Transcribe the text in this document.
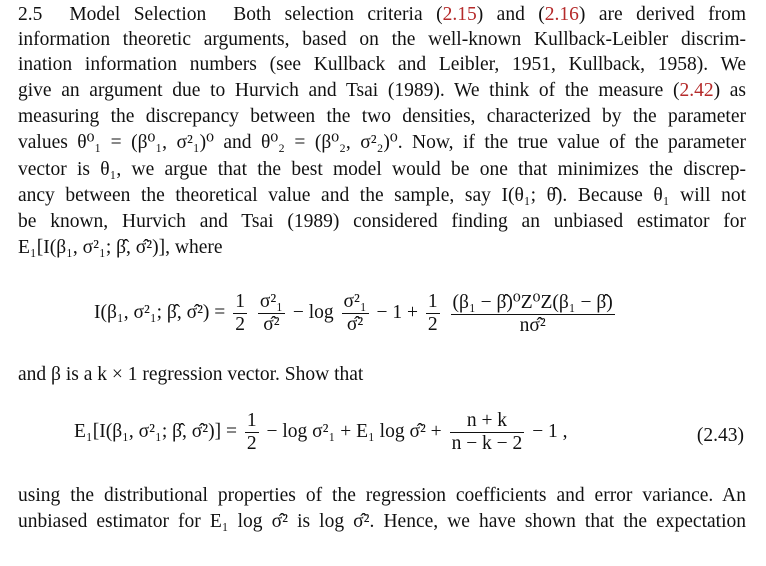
2.5 Model Selection Both selection criteria (2.15) and (2.16) are derived from
information theoretic arguments, based on the well-known Kullback-Leibler discrim-
ination information numbers (see Kullback and Leibler, 1951, Kullback, 1958). We
give an argument due to Hurvich and Tsai (1989). We think of the measure (2.42) as
measuring the discrepancy between the two densities, characterized by the parameter
values θ⁰₁ = (β⁰₁, σ²₁)⁰ and θ⁰₂ = (β⁰₂, σ²₂)⁰. Now, if the true value of the parameter
vector is θ₁, we argue that the best model would be one that minimizes the discrep-
ancy between the theoretical value and the sample, say I(θ₁; θ̂). Because θ₁ will not
be known, Hurvich and Tsai (1989) considered finding an unbiased estimator for
E₁[I(β₁, σ²₁; β̂, σ̂²)], where
I(β₁, σ²₁; β̂, σ̂²) = $\frac{1}{2}$
$\frac{\text{σ²₁}}{\text{σ̂²}} - \log \frac{\text{σ²₁}}{\text{σ̂²}} - 1 + \frac{1}{2}$
$\frac{\text{(β₁ − β̂)⁰Z⁰Z(β₁ − β̂)}}{\text{nσ̂²}}$
and β is a k × 1 regression vector. Show that
E₁[I(β₁, σ²₁; β̂, σ̂²)] = $\frac{1}{2} - \log \sigma^2_1 + E_1$ log σ̂² + $\frac{n + k}{n - k - 2} - 1$ ,	(2.43)
using the distributional properties of the regression coefficients and error variance. An
unbiased estimator for E₁ log σ̂² is log σ̂². Hence, we have shown that the expectation
